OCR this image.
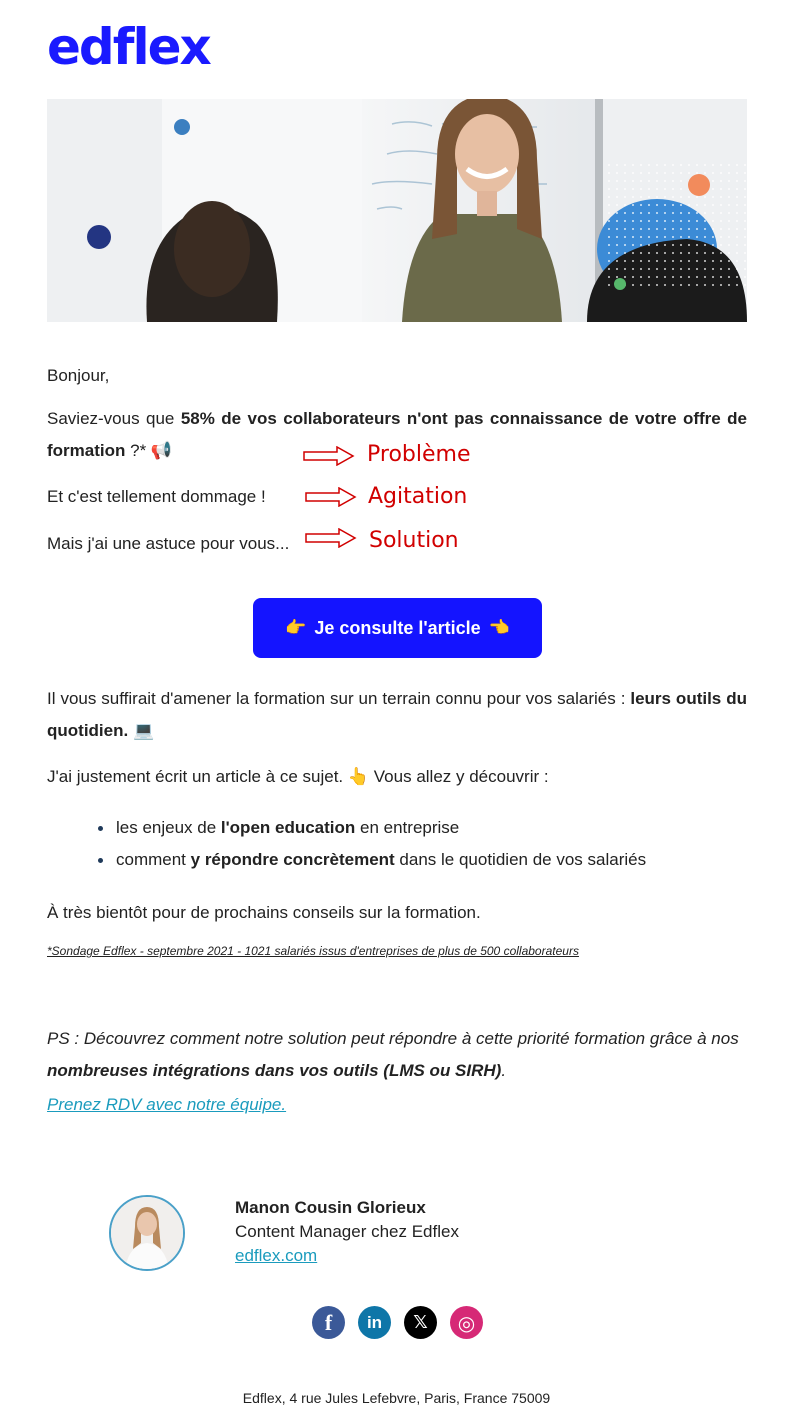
edflex

Bonjour,

Saviez-vous que 58% de vos collaborateurs n'ont pas connaissance de votre offre de formation ?* 📢

Et c'est tellement dommage !

Mais j'ai une astuce pour vous...

Problème
Agitation
Solution
👉 Je consulte l'article 👈

Il vous suffirait d'amener la formation sur un terrain connu pour vos salariés : leurs outils du quotidien. 💻

J'ai justement écrit un article à ce sujet. 👆 Vous allez y découvrir :

les enjeux de l'open education en entreprise
comment y répondre concrètement dans le quotidien de vos salariés

À très bientôt pour de prochains conseils sur la formation.

*Sondage Edflex - septembre 2021 - 1021 salariés issus d'entreprises de plus de 500 collaborateurs

PS : Découvrez comment notre solution peut répondre à cette priorité formation grâce à nos nombreuses intégrations dans vos outils (LMS ou SIRH).

Prenez RDV avec notre équipe.
Manon Cousin Glorieux
Content Manager chez Edflex
edflex.com
f	in	𝕏	◎
Edflex, 4 rue Jules Lefebvre, Paris, France 75009
